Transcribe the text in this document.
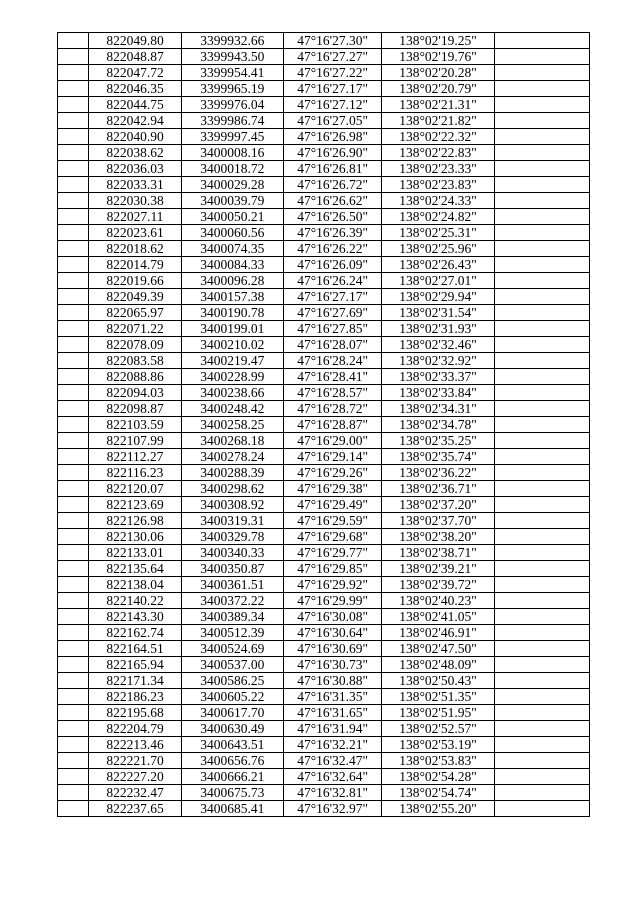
	822049.80	3399932.66	47°16'27.30"	138°02'19.25"	
	822048.87	3399943.50	47°16'27.27"	138°02'19.76"	
	822047.72	3399954.41	47°16'27.22"	138°02'20.28"	
	822046.35	3399965.19	47°16'27.17"	138°02'20.79"	
	822044.75	3399976.04	47°16'27.12"	138°02'21.31"	
	822042.94	3399986.74	47°16'27.05"	138°02'21.82"	
	822040.90	3399997.45	47°16'26.98"	138°02'22.32"	
	822038.62	3400008.16	47°16'26.90"	138°02'22.83"	
	822036.03	3400018.72	47°16'26.81"	138°02'23.33"	
	822033.31	3400029.28	47°16'26.72"	138°02'23.83"	
	822030.38	3400039.79	47°16'26.62"	138°02'24.33"	
	822027.11	3400050.21	47°16'26.50"	138°02'24.82"	
	822023.61	3400060.56	47°16'26.39"	138°02'25.31"	
	822018.62	3400074.35	47°16'26.22"	138°02'25.96"	
	822014.79	3400084.33	47°16'26.09"	138°02'26.43"	
	822019.66	3400096.28	47°16'26.24"	138°02'27.01"	
	822049.39	3400157.38	47°16'27.17"	138°02'29.94"	
	822065.97	3400190.78	47°16'27.69"	138°02'31.54"	
	822071.22	3400199.01	47°16'27.85"	138°02'31.93"	
	822078.09	3400210.02	47°16'28.07"	138°02'32.46"	
	822083.58	3400219.47	47°16'28.24"	138°02'32.92"	
	822088.86	3400228.99	47°16'28.41"	138°02'33.37"	
	822094.03	3400238.66	47°16'28.57"	138°02'33.84"	
	822098.87	3400248.42	47°16'28.72"	138°02'34.31"	
	822103.59	3400258.25	47°16'28.87"	138°02'34.78"	
	822107.99	3400268.18	47°16'29.00"	138°02'35.25"	
	822112.27	3400278.24	47°16'29.14"	138°02'35.74"	
	822116.23	3400288.39	47°16'29.26"	138°02'36.22"	
	822120.07	3400298.62	47°16'29.38"	138°02'36.71"	
	822123.69	3400308.92	47°16'29.49"	138°02'37.20"	
	822126.98	3400319.31	47°16'29.59"	138°02'37.70"	
	822130.06	3400329.78	47°16'29.68"	138°02'38.20"	
	822133.01	3400340.33	47°16'29.77"	138°02'38.71"	
	822135.64	3400350.87	47°16'29.85"	138°02'39.21"	
	822138.04	3400361.51	47°16'29.92"	138°02'39.72"	
	822140.22	3400372.22	47°16'29.99"	138°02'40.23"	
	822143.30	3400389.34	47°16'30.08"	138°02'41.05"	
	822162.74	3400512.39	47°16'30.64"	138°02'46.91"	
	822164.51	3400524.69	47°16'30.69"	138°02'47.50"	
	822165.94	3400537.00	47°16'30.73"	138°02'48.09"	
	822171.34	3400586.25	47°16'30.88"	138°02'50.43"	
	822186.23	3400605.22	47°16'31.35"	138°02'51.35"	
	822195.68	3400617.70	47°16'31.65"	138°02'51.95"	
	822204.79	3400630.49	47°16'31.94"	138°02'52.57"	
	822213.46	3400643.51	47°16'32.21"	138°02'53.19"	
	822221.70	3400656.76	47°16'32.47"	138°02'53.83"	
	822227.20	3400666.21	47°16'32.64"	138°02'54.28"	
	822232.47	3400675.73	47°16'32.81"	138°02'54.74"	
	822237.65	3400685.41	47°16'32.97"	138°02'55.20"	
